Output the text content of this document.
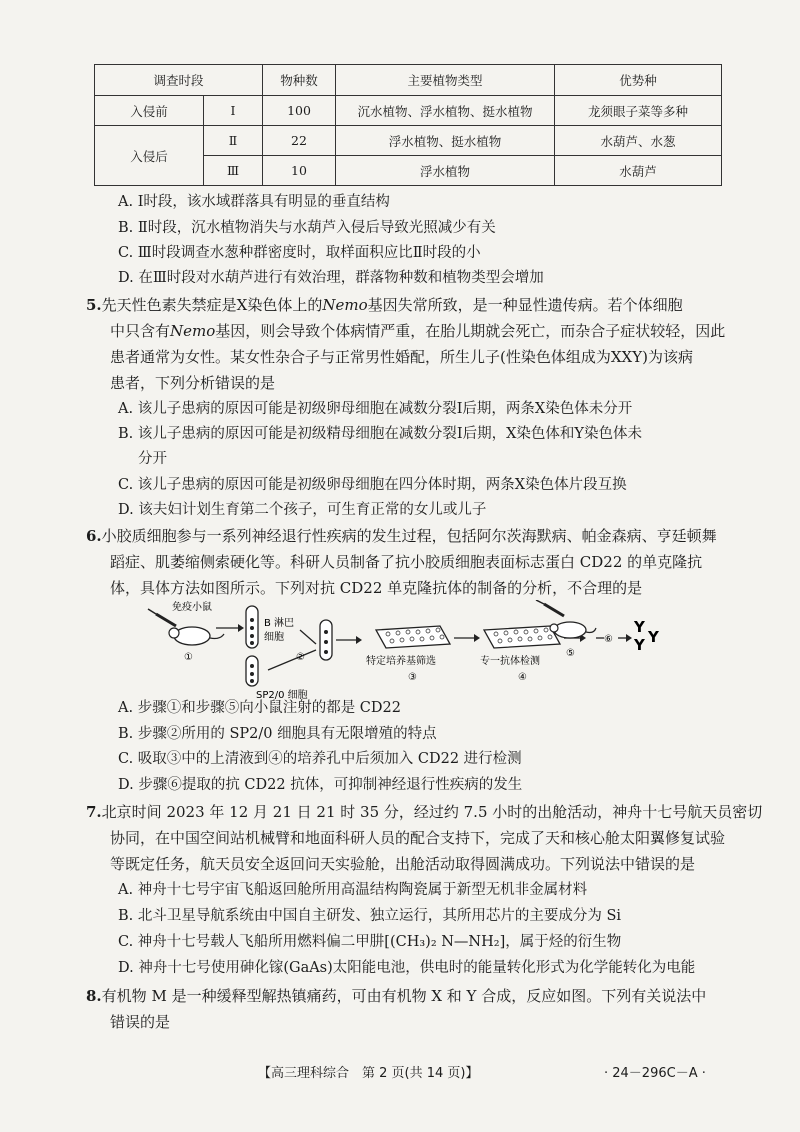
调查时段		物种数	主要植物类型	优势种
入侵前	Ⅰ	100	沉水植物、浮水植物、挺水植物	龙须眼子菜等多种
入侵后	Ⅱ	22	浮水植物、挺水植物	水葫芦、水葱
	Ⅲ	10	浮水植物	水葫芦
A. Ⅰ时段，该水域群落具有明显的垂直结构
B. Ⅱ时段，沉水植物消失与水葫芦入侵后导致光照减少有关
C. Ⅲ时段调查水葱种群密度时，取样面积应比Ⅱ时段的小
D. 在Ⅲ时段对水葫芦进行有效治理，群落物种数和植物类型会增加
5.先天性色素失禁症是X染色体上的Nemo基因失常所致，是一种显性遗传病。若个体细胞
中只含有Nemo基因，则会导致个体病情严重，在胎儿期就会死亡，而杂合子症状较轻，因此
患者通常为女性。某女性杂合子与正常男性婚配，所生儿子(性染色体组成为XXY)为该病
患者，下列分析错误的是
A. 该儿子患病的原因可能是初级卵母细胞在减数分裂Ⅰ后期，两条X染色体未分开
B. 该儿子患病的原因可能是初级精母细胞在减数分裂Ⅰ后期，X染色体和Y染色体未
分开
C. 该儿子患病的原因可能是初级卵母细胞在四分体时期，两条X染色体片段互换
D. 该夫妇计划生育第二个孩子，可生育正常的女儿或儿子
6.小胶质细胞参与一系列神经退行性疾病的发生过程，包括阿尔茨海默病、帕金森病、亨廷顿舞
蹈症、肌萎缩侧索硬化等。科研人员制备了抗小胶质细胞表面标志蛋白 CD22 的单克隆抗
体，具体方法如图所示。下列对抗 CD22 单克隆抗体的制备的分析，不合理的是
免疫小鼠
①
B 淋巴
细胞
SP2/0 细胞
②	特定培养基筛选
③
专一抗体检测
④
⑤
⑥
Y
Y Y
A. 步骤①和步骤⑤向小鼠注射的都是 CD22
B. 步骤②所用的 SP2/0 细胞具有无限增殖的特点
C. 吸取③中的上清液到④的培养孔中后须加入 CD22 进行检测
D. 步骤⑥提取的抗 CD22 抗体，可抑制神经退行性疾病的发生
7.北京时间 2023 年 12 月 21 日 21 时 35 分，经过约 7.5 小时的出舱活动，神舟十七号航天员密切
协同，在中国空间站机械臂和地面科研人员的配合支持下，完成了天和核心舱太阳翼修复试验
等既定任务，航天员安全返回问天实验舱，出舱活动取得圆满成功。下列说法中错误的是
A. 神舟十七号宇宙飞船返回舱所用高温结构陶瓷属于新型无机非金属材料
B. 北斗卫星导航系统由中国自主研发、独立运行，其所用芯片的主要成分为 Si
C. 神舟十七号载人飞船所用燃料偏二甲肼[(CH₃)₂ N—NH₂]，属于烃的衍生物
D. 神舟十七号使用砷化镓(GaAs)太阳能电池，供电时的能量转化形式为化学能转化为电能
8.有机物 M 是一种缓释型解热镇痛药，可由有机物 X 和 Y 合成，反应如图。下列有关说法中
错误的是
【高三理科综合　第 2 页(共 14 页)】	· 24－296C－A ·
